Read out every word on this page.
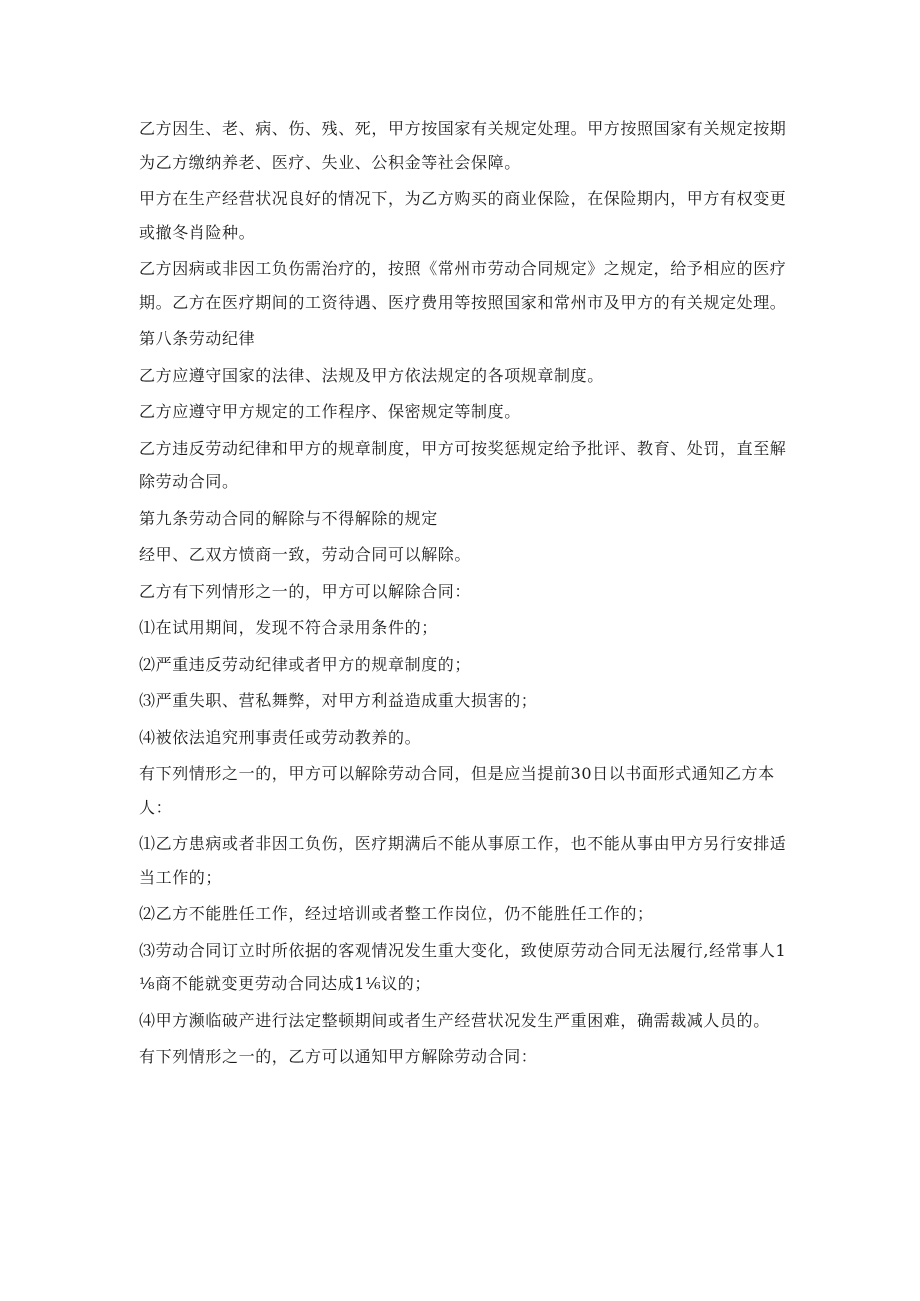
乙方因生、老、病、伤、残、死，甲方按国家有关规定处理。甲方按照国家有关规定按期为乙方缴纳养老、医疗、失业、公积金等社会保障。

甲方在生产经营状况良好的情况下，为乙方购买的商业保险，在保险期内，甲方有权变更或撤冬肖险种。

乙方因病或非因工负伤需治疗的，按照《常州市劳动合同规定》之规定，给予相应的医疗期。乙方在医疗期间的工资待遇、医疗费用等按照国家和常州市及甲方的有关规定处理。

第八条劳动纪律

乙方应遵守国家的法律、法规及甲方依法规定的各项规章制度。

乙方应遵守甲方规定的工作程序、保密规定等制度。

乙方违反劳动纪律和甲方的规章制度，甲方可按奖惩规定给予批评、教育、处罚，直至解除劳动合同。

第九条劳动合同的解除与不得解除的规定

经甲、乙双方愤商一致，劳动合同可以解除。

乙方有下列情形之一的，甲方可以解除合同：

⑴在试用期间，发现不符合录用条件的；

⑵严重违反劳动纪律或者甲方的规章制度的；

⑶严重失职、营私舞弊，对甲方利益造成重大损害的；

⑷被依法追究刑事责任或劳动教养的。

有下列情形之一的，甲方可以解除劳动合同，但是应当提前30日以书面形式通知乙方本人：

⑴乙方患病或者非因工负伤，医疗期满后不能从事原工作，也不能从事由甲方另行安排适当工作的；

⑵乙方不能胜任工作，经过培训或者整工作岗位，仍不能胜任工作的；

⑶劳动合同订立时所依据的客观情况发生重大变化，致使原劳动合同无法履行,经常事人1⅛商不能就变更劳动合同达成1⅙议的；

⑷甲方濒临破产进行法定整顿期间或者生产经营状况发生严重困难，确需裁减人员的。

有下列情形之一的，乙方可以通知甲方解除劳动合同：
